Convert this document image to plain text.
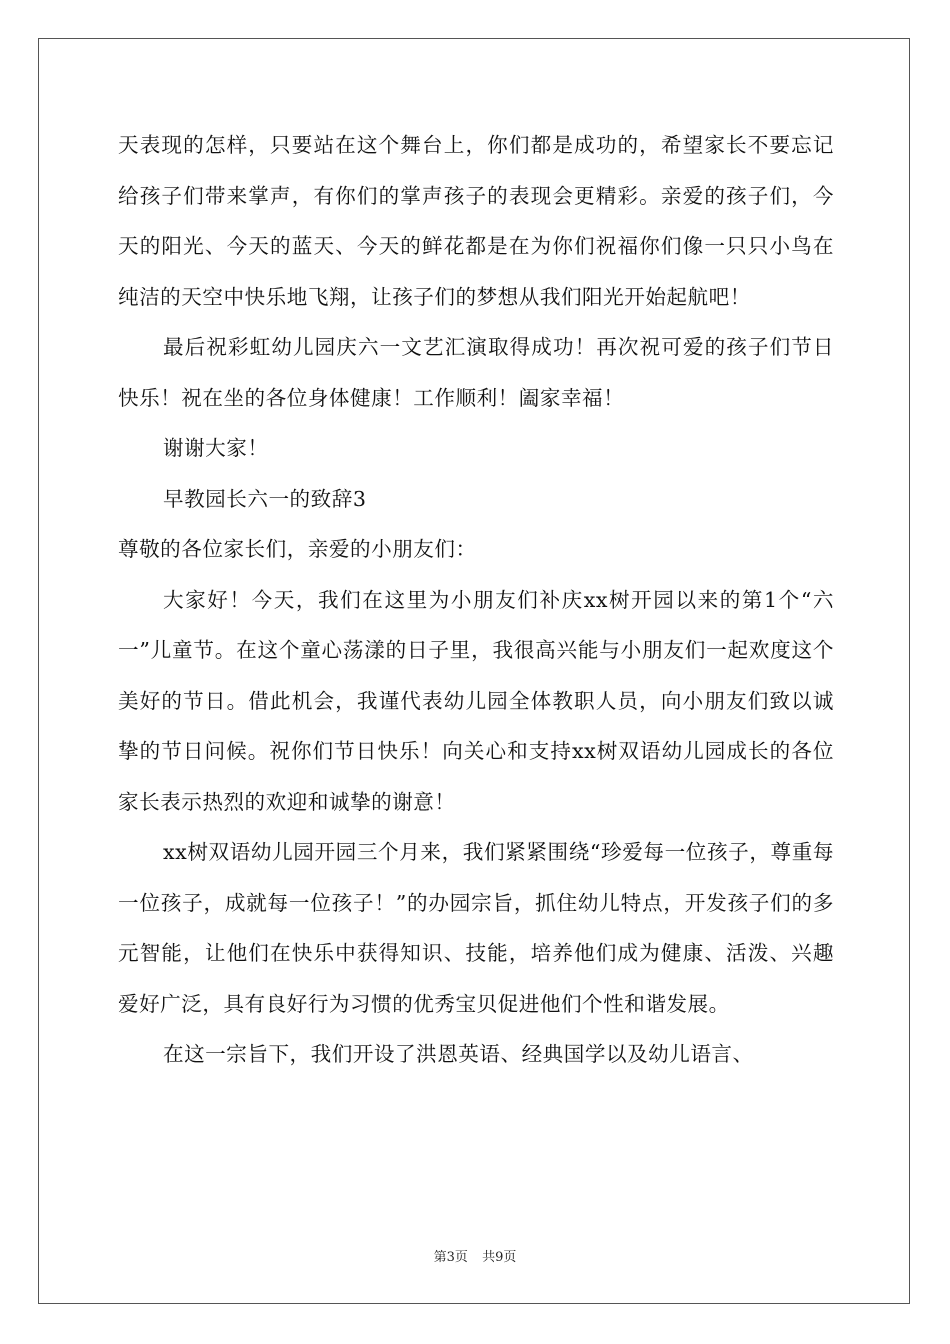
天表现的怎样，只要站在这个舞台上，你们都是成功的，希望家长不要忘记给孩子们带来掌声，有你们的掌声孩子的表现会更精彩。亲爱的孩子们，今天的阳光、今天的蓝天、今天的鲜花都是在为你们祝福你们像一只只小鸟在纯洁的天空中快乐地飞翔，让孩子们的梦想从我们阳光开始起航吧！

最后祝彩虹幼儿园庆六一文艺汇演取得成功！再次祝可爱的孩子们节日快乐！祝在坐的各位身体健康！工作顺利！阖家幸福！

谢谢大家！

早教园长六一的致辞3

尊敬的各位家长们，亲爱的小朋友们：

大家好！今天，我们在这里为小朋友们补庆xx树开园以来的第1个“六一”儿童节。在这个童心荡漾的日子里，我很高兴能与小朋友们一起欢度这个美好的节日。借此机会，我谨代表幼儿园全体教职人员，向小朋友们致以诚挚的节日问候。祝你们节日快乐！向关心和支持xx树双语幼儿园成长的各位家长表示热烈的欢迎和诚挚的谢意！

xx树双语幼儿园开园三个月来，我们紧紧围绕“珍爱每一位孩子，尊重每一位孩子，成就每一位孩子！”的办园宗旨，抓住幼儿特点，开发孩子们的多元智能，让他们在快乐中获得知识、技能，培养他们成为健康、活泼、兴趣爱好广泛，具有良好行为习惯的优秀宝贝促进他们个性和谐发展。

在这一宗旨下，我们开设了洪恩英语、经典国学以及幼儿语言、

第3页 共9页
